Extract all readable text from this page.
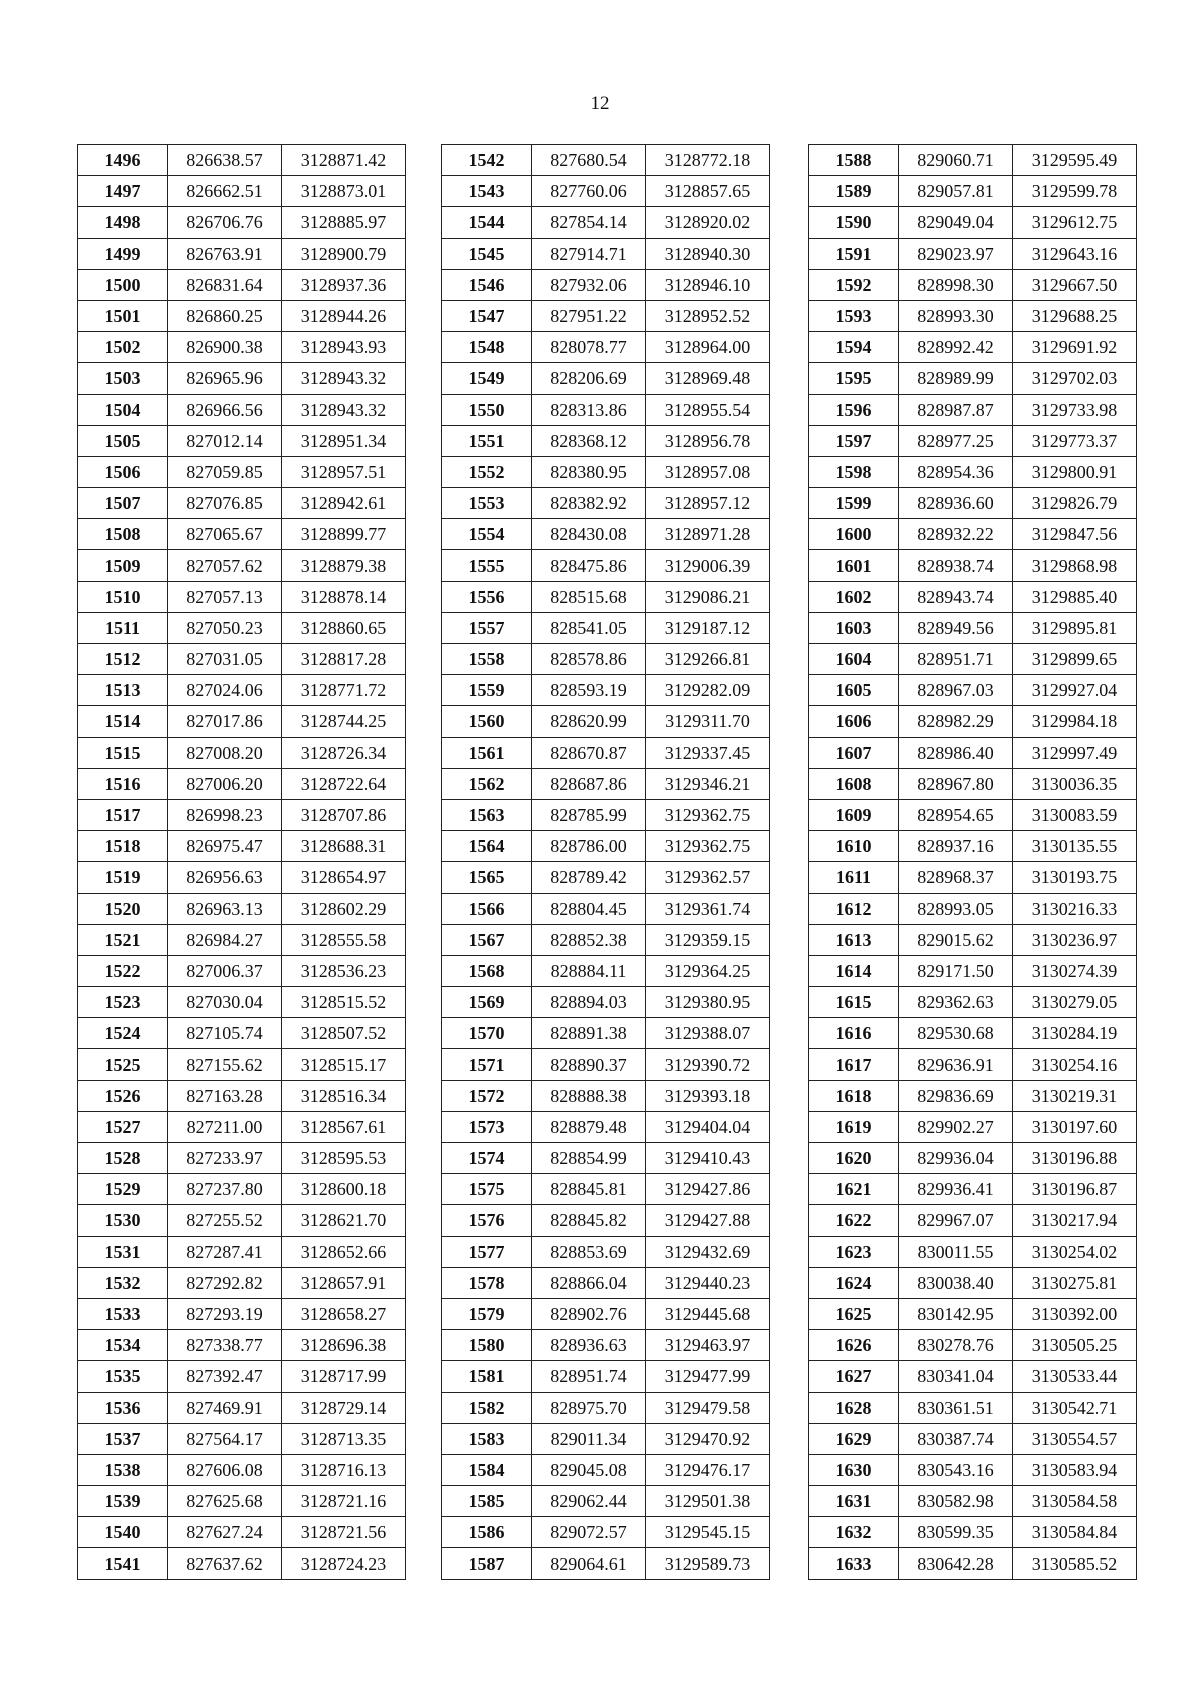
12
1496	826638.57	3128871.42
1497	826662.51	3128873.01
1498	826706.76	3128885.97
1499	826763.91	3128900.79
1500	826831.64	3128937.36
1501	826860.25	3128944.26
1502	826900.38	3128943.93
1503	826965.96	3128943.32
1504	826966.56	3128943.32
1505	827012.14	3128951.34
1506	827059.85	3128957.51
1507	827076.85	3128942.61
1508	827065.67	3128899.77
1509	827057.62	3128879.38
1510	827057.13	3128878.14
1511	827050.23	3128860.65
1512	827031.05	3128817.28
1513	827024.06	3128771.72
1514	827017.86	3128744.25
1515	827008.20	3128726.34
1516	827006.20	3128722.64
1517	826998.23	3128707.86
1518	826975.47	3128688.31
1519	826956.63	3128654.97
1520	826963.13	3128602.29
1521	826984.27	3128555.58
1522	827006.37	3128536.23
1523	827030.04	3128515.52
1524	827105.74	3128507.52
1525	827155.62	3128515.17
1526	827163.28	3128516.34
1527	827211.00	3128567.61
1528	827233.97	3128595.53
1529	827237.80	3128600.18
1530	827255.52	3128621.70
1531	827287.41	3128652.66
1532	827292.82	3128657.91
1533	827293.19	3128658.27
1534	827338.77	3128696.38
1535	827392.47	3128717.99
1536	827469.91	3128729.14
1537	827564.17	3128713.35
1538	827606.08	3128716.13
1539	827625.68	3128721.16
1540	827627.24	3128721.56
1541	827637.62	3128724.23
1542	827680.54	3128772.18
1543	827760.06	3128857.65
1544	827854.14	3128920.02
1545	827914.71	3128940.30
1546	827932.06	3128946.10
1547	827951.22	3128952.52
1548	828078.77	3128964.00
1549	828206.69	3128969.48
1550	828313.86	3128955.54
1551	828368.12	3128956.78
1552	828380.95	3128957.08
1553	828382.92	3128957.12
1554	828430.08	3128971.28
1555	828475.86	3129006.39
1556	828515.68	3129086.21
1557	828541.05	3129187.12
1558	828578.86	3129266.81
1559	828593.19	3129282.09
1560	828620.99	3129311.70
1561	828670.87	3129337.45
1562	828687.86	3129346.21
1563	828785.99	3129362.75
1564	828786.00	3129362.75
1565	828789.42	3129362.57
1566	828804.45	3129361.74
1567	828852.38	3129359.15
1568	828884.11	3129364.25
1569	828894.03	3129380.95
1570	828891.38	3129388.07
1571	828890.37	3129390.72
1572	828888.38	3129393.18
1573	828879.48	3129404.04
1574	828854.99	3129410.43
1575	828845.81	3129427.86
1576	828845.82	3129427.88
1577	828853.69	3129432.69
1578	828866.04	3129440.23
1579	828902.76	3129445.68
1580	828936.63	3129463.97
1581	828951.74	3129477.99
1582	828975.70	3129479.58
1583	829011.34	3129470.92
1584	829045.08	3129476.17
1585	829062.44	3129501.38
1586	829072.57	3129545.15
1587	829064.61	3129589.73
1588	829060.71	3129595.49
1589	829057.81	3129599.78
1590	829049.04	3129612.75
1591	829023.97	3129643.16
1592	828998.30	3129667.50
1593	828993.30	3129688.25
1594	828992.42	3129691.92
1595	828989.99	3129702.03
1596	828987.87	3129733.98
1597	828977.25	3129773.37
1598	828954.36	3129800.91
1599	828936.60	3129826.79
1600	828932.22	3129847.56
1601	828938.74	3129868.98
1602	828943.74	3129885.40
1603	828949.56	3129895.81
1604	828951.71	3129899.65
1605	828967.03	3129927.04
1606	828982.29	3129984.18
1607	828986.40	3129997.49
1608	828967.80	3130036.35
1609	828954.65	3130083.59
1610	828937.16	3130135.55
1611	828968.37	3130193.75
1612	828993.05	3130216.33
1613	829015.62	3130236.97
1614	829171.50	3130274.39
1615	829362.63	3130279.05
1616	829530.68	3130284.19
1617	829636.91	3130254.16
1618	829836.69	3130219.31
1619	829902.27	3130197.60
1620	829936.04	3130196.88
1621	829936.41	3130196.87
1622	829967.07	3130217.94
1623	830011.55	3130254.02
1624	830038.40	3130275.81
1625	830142.95	3130392.00
1626	830278.76	3130505.25
1627	830341.04	3130533.44
1628	830361.51	3130542.71
1629	830387.74	3130554.57
1630	830543.16	3130583.94
1631	830582.98	3130584.58
1632	830599.35	3130584.84
1633	830642.28	3130585.52
